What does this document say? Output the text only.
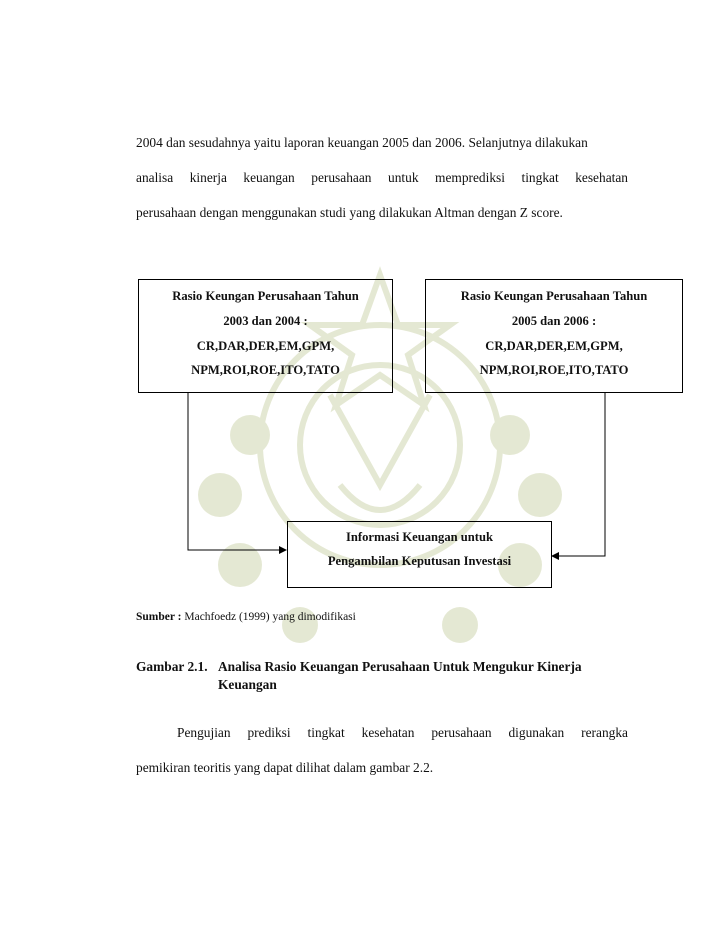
2004 dan sesudahnya yaitu laporan keuangan 2005 dan 2006. Selanjutnya dilakukan
analisa kinerja keuangan perusahaan untuk memprediksi tingkat kesehatan
perusahaan dengan menggunakan studi yang dilakukan Altman dengan Z score.
Rasio Keungan Perusahaan Tahun
2003 dan 2004 :
CR,DAR,DER,EM,GPM,
NPM,ROI,ROE,ITO,TATO
Rasio Keungan Perusahaan Tahun
2005 dan 2006 :
CR,DAR,DER,EM,GPM,
NPM,ROI,ROE,ITO,TATO
Informasi Keuangan untuk
Pengambilan Keputusan Investasi
Sumber : Machfoedz (1999) yang dimodifikasi
Gambar 2.1. Analisa Rasio Keuangan Perusahaan Untuk Mengukur Kinerja
Keuangan
Pengujian prediksi tingkat kesehatan perusahaan digunakan rerangka
pemikiran teoritis yang dapat dilihat dalam gambar 2.2.
